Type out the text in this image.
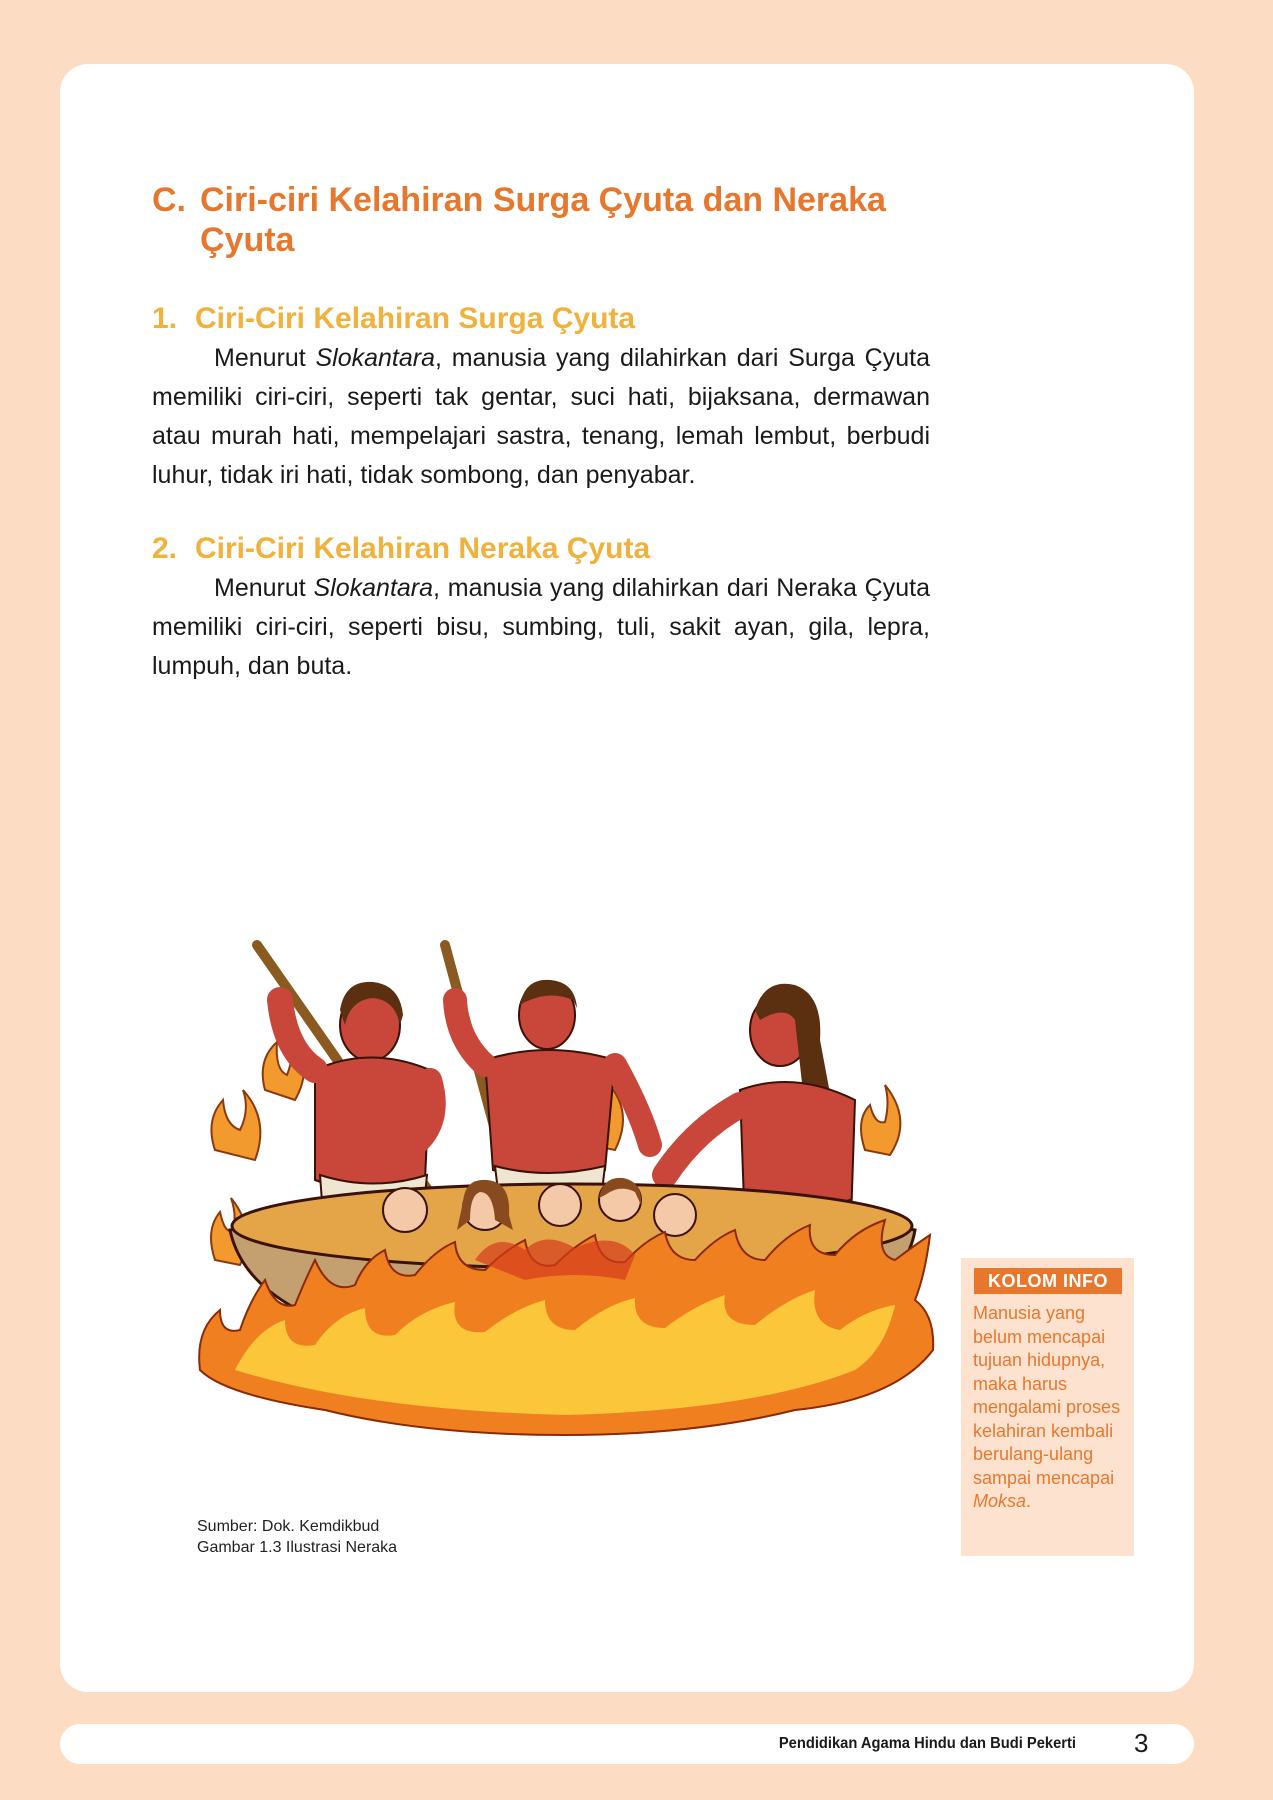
C. Ciri-ciri Kelahiran Surga Çyuta dan Neraka Çyuta
1. Ciri-Ciri Kelahiran Surga Çyuta

Menurut Slokantara, manusia yang dilahirkan dari Surga Çyuta memiliki ciri-ciri, seperti tak gentar, suci hati, bijaksana, dermawan atau murah hati, mempelajari sastra, tenang, lemah lembut, berbudi luhur, tidak iri hati, tidak sombong, dan penyabar.

2. Ciri-Ciri Kelahiran Neraka Çyuta

Menurut Slokantara, manusia yang dilahirkan dari Neraka Çyuta memiliki ciri-ciri, seperti bisu, sumbing, tuli, sakit ayan, gila, lepra, lumpuh, dan buta.

Sumber: Dok. Kemdikbud
Gambar 1.3 Ilustrasi Neraka
KOLOM INFO
Manusia yang belum mencapai tujuan hidupnya, maka harus mengalami proses kelahiran kembali berulang-ulang sampai mencapai Moksa.
Pendidikan Agama Hindu dan Budi Pekerti 3
